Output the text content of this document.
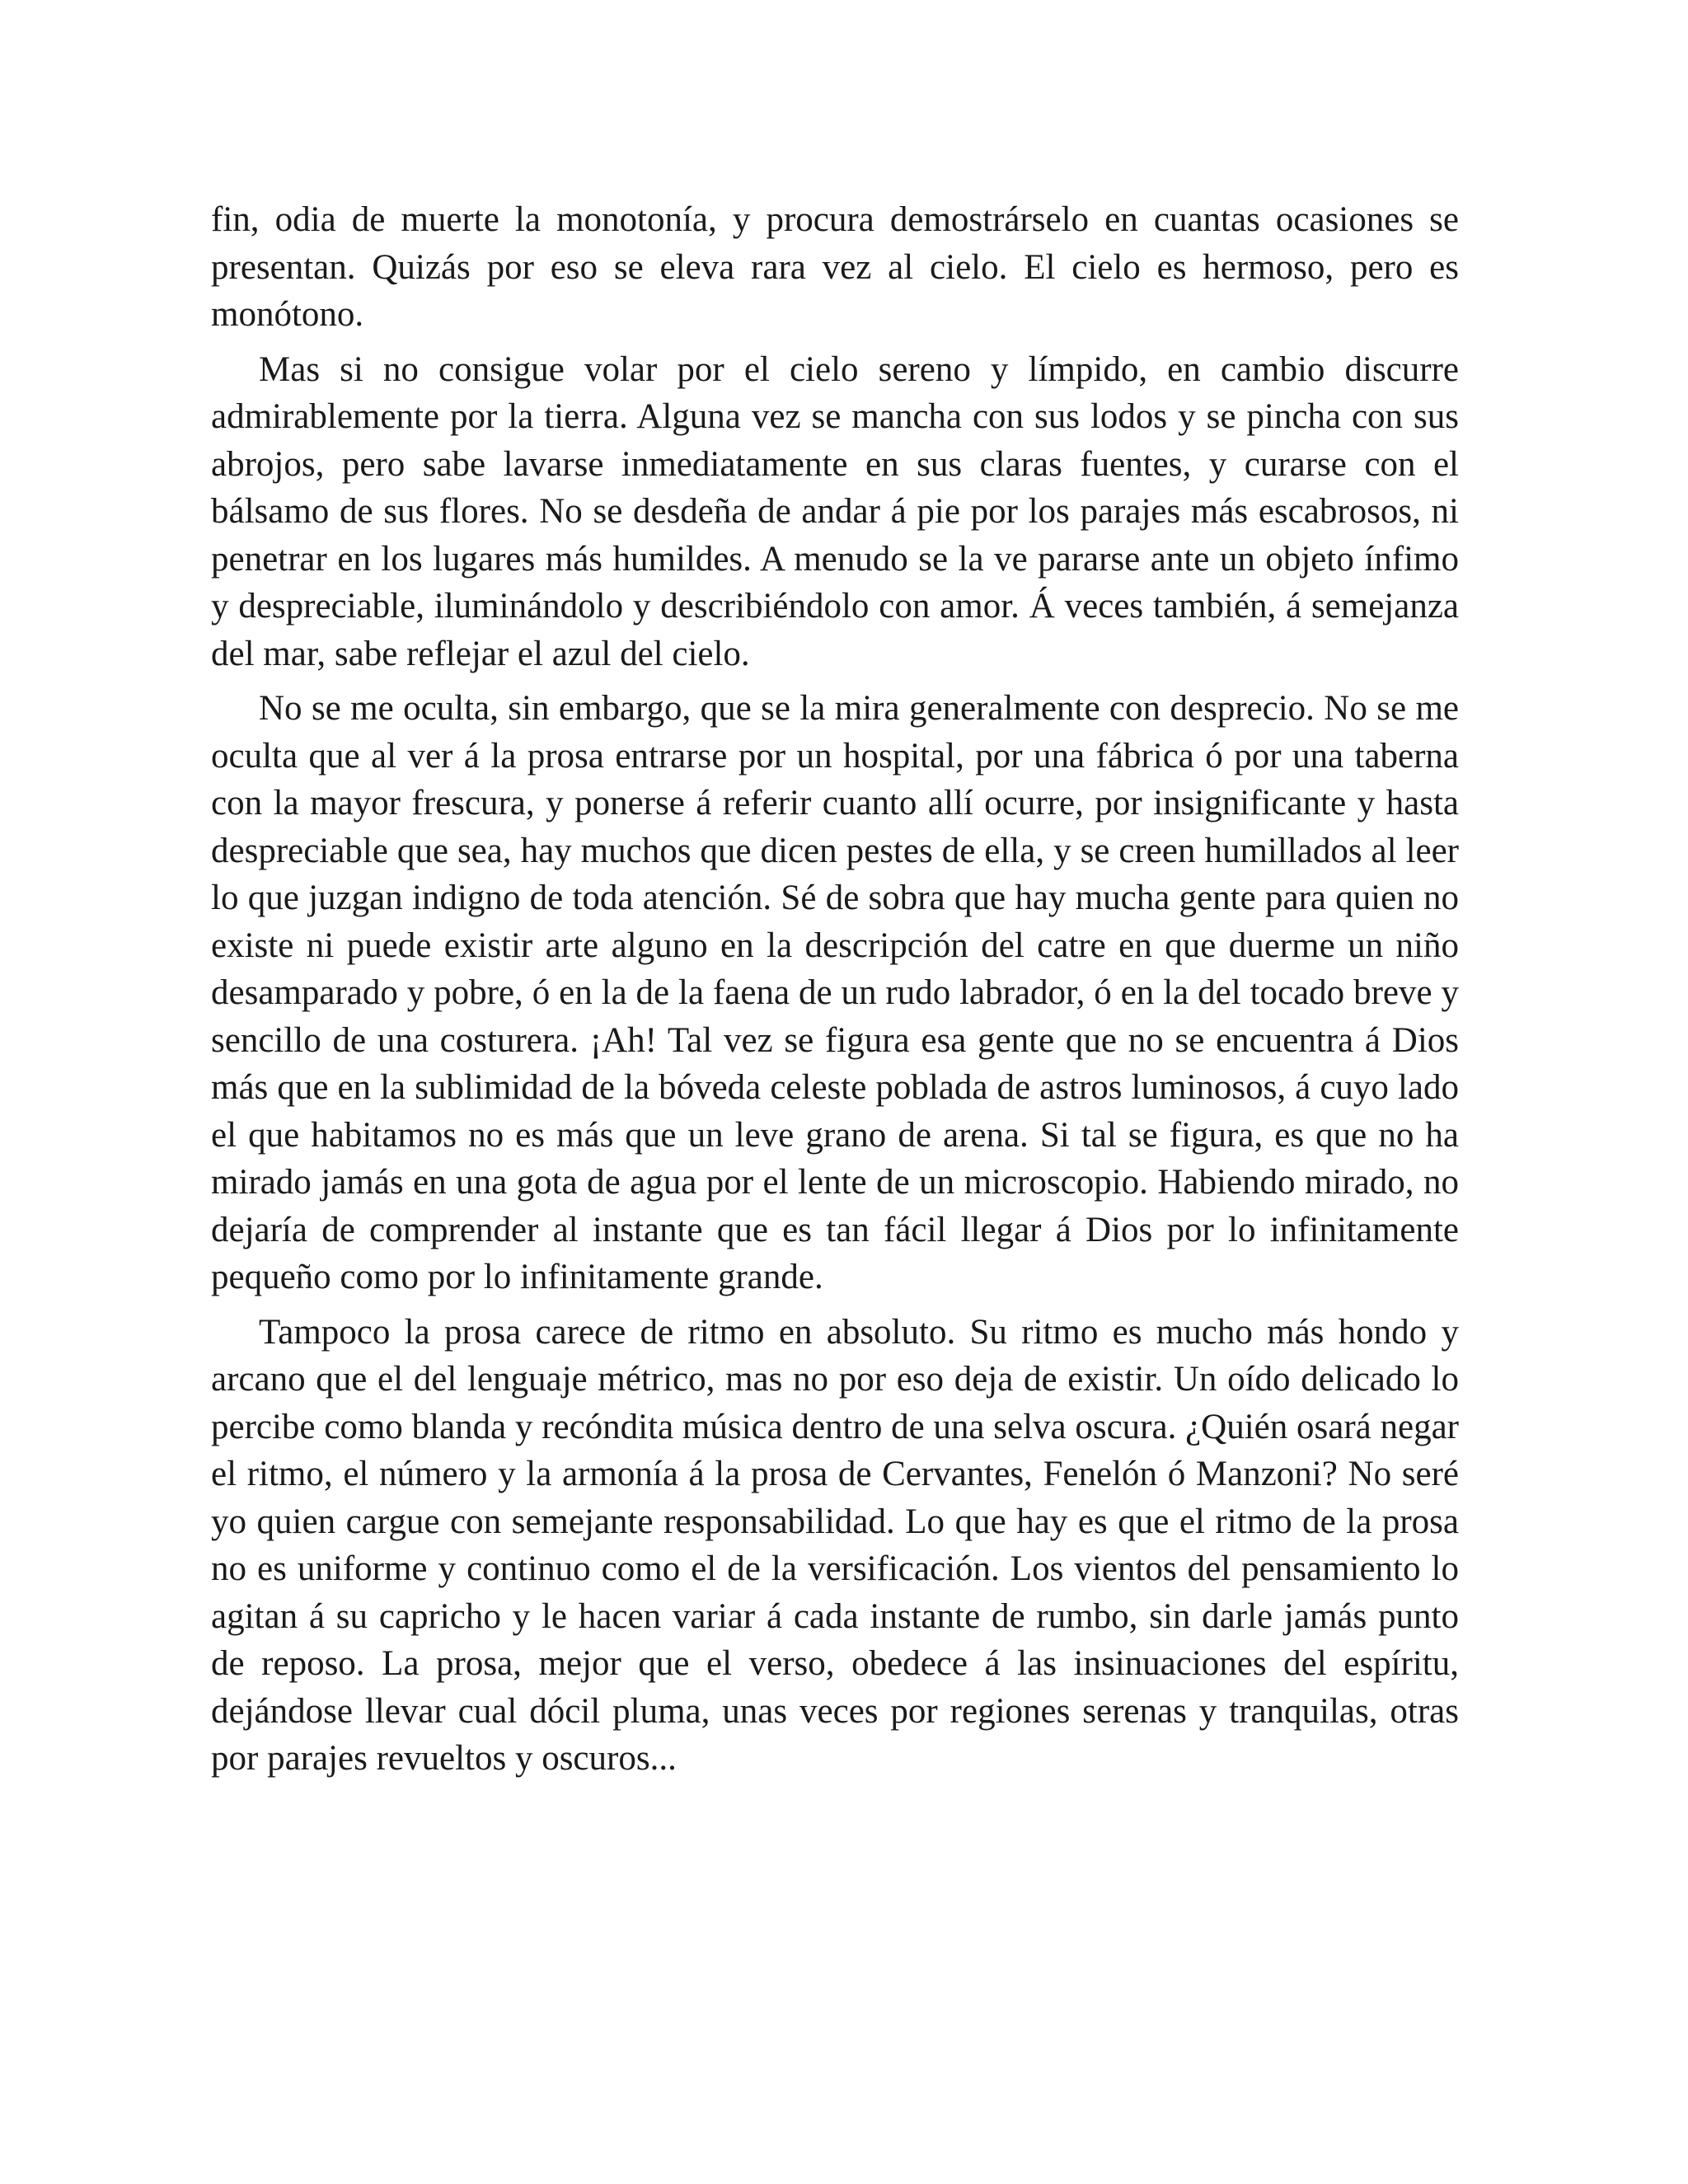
fin, odia de muerte la monotonía, y procura demostrárselo en cuantas ocasiones se presentan. Quizás por eso se eleva rara vez al cielo. El cielo es hermoso, pero es monótono.

Mas si no consigue volar por el cielo sereno y límpido, en cambio discurre admirablemente por la tierra. Alguna vez se mancha con sus lodos y se pincha con sus abrojos, pero sabe lavarse inmediatamente en sus claras fuentes, y curarse con el bálsamo de sus flores. No se desdeña de andar á pie por los parajes más escabrosos, ni penetrar en los lugares más humildes. A menudo se la ve pararse ante un objeto ínfimo y despreciable, iluminándolo y describiéndolo con amor. Á veces también, á semejanza del mar, sabe reflejar el azul del cielo.

No se me oculta, sin embargo, que se la mira generalmente con desprecio. No se me oculta que al ver á la prosa entrarse por un hospital, por una fábrica ó por una taberna con la mayor frescura, y ponerse á referir cuanto allí ocurre, por insignificante y hasta despreciable que sea, hay muchos que dicen pestes de ella, y se creen humillados al leer lo que juzgan indigno de toda atención. Sé de sobra que hay mucha gente para quien no existe ni puede existir arte alguno en la descripción del catre en que duerme un niño desamparado y pobre, ó en la de la faena de un rudo labrador, ó en la del tocado breve y sencillo de una costurera. ¡Ah! Tal vez se figura esa gente que no se encuentra á Dios más que en la sublimidad de la bóveda celeste poblada de astros luminosos, á cuyo lado el que habitamos no es más que un leve grano de arena. Si tal se figura, es que no ha mirado jamás en una gota de agua por el lente de un microscopio. Habiendo mirado, no dejaría de comprender al instante que es tan fácil llegar á Dios por lo infinitamente pequeño como por lo infinitamente grande.

Tampoco la prosa carece de ritmo en absoluto. Su ritmo es mucho más hondo y arcano que el del lenguaje métrico, mas no por eso deja de existir. Un oído delicado lo percibe como blanda y recóndita música dentro de una selva oscura. ¿Quién osará negar el ritmo, el número y la armonía á la prosa de Cervantes, Fenelón ó Manzoni? No seré yo quien cargue con semejante responsabilidad. Lo que hay es que el ritmo de la prosa no es uniforme y continuo como el de la versificación. Los vientos del pensamiento lo agitan á su capricho y le hacen variar á cada instante de rumbo, sin darle jamás punto de reposo. La prosa, mejor que el verso, obedece á las insinuaciones del espíritu, dejándose llevar cual dócil pluma, unas veces por regiones serenas y tranquilas, otras por parajes revueltos y oscuros...
